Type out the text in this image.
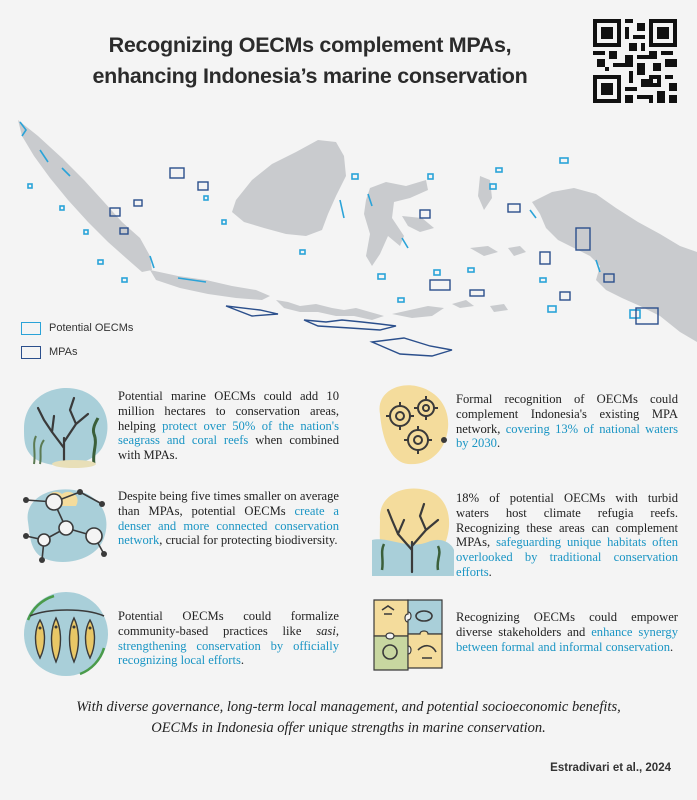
Recognizing OECMs complement MPAs,
enhancing Indonesia’s marine conservation
Potential OECMs
MPAs
Potential marine OECMs could add 10 million hectares to conservation areas, helping protect over 50% of the nation's seagrass and coral reefs when combined with MPAs.
Formal recognition of OECMs could complement Indonesia's existing MPA network, covering 13% of national waters by 2030.
Despite being five times smaller on average than MPAs, potential OECMs create a denser and more connected conservation network, crucial for protecting biodiversity.
18% of potential OECMs with turbid waters host climate refugia reefs. Recognizing these areas can complement MPAs, safeguarding unique habitats often overlooked by traditional conservation efforts.
Potential OECMs could formalize community-based practices like sasi, strengthening conservation by officially recognizing local efforts.
Recognizing OECMs could empower diverse stakeholders and enhance synergy between formal and informal conservation.
With diverse governance, long-term local management, and potential socioeconomic benefits, OECMs in Indonesia offer unique strengths in marine conservation.
Estradivari et al., 2024
